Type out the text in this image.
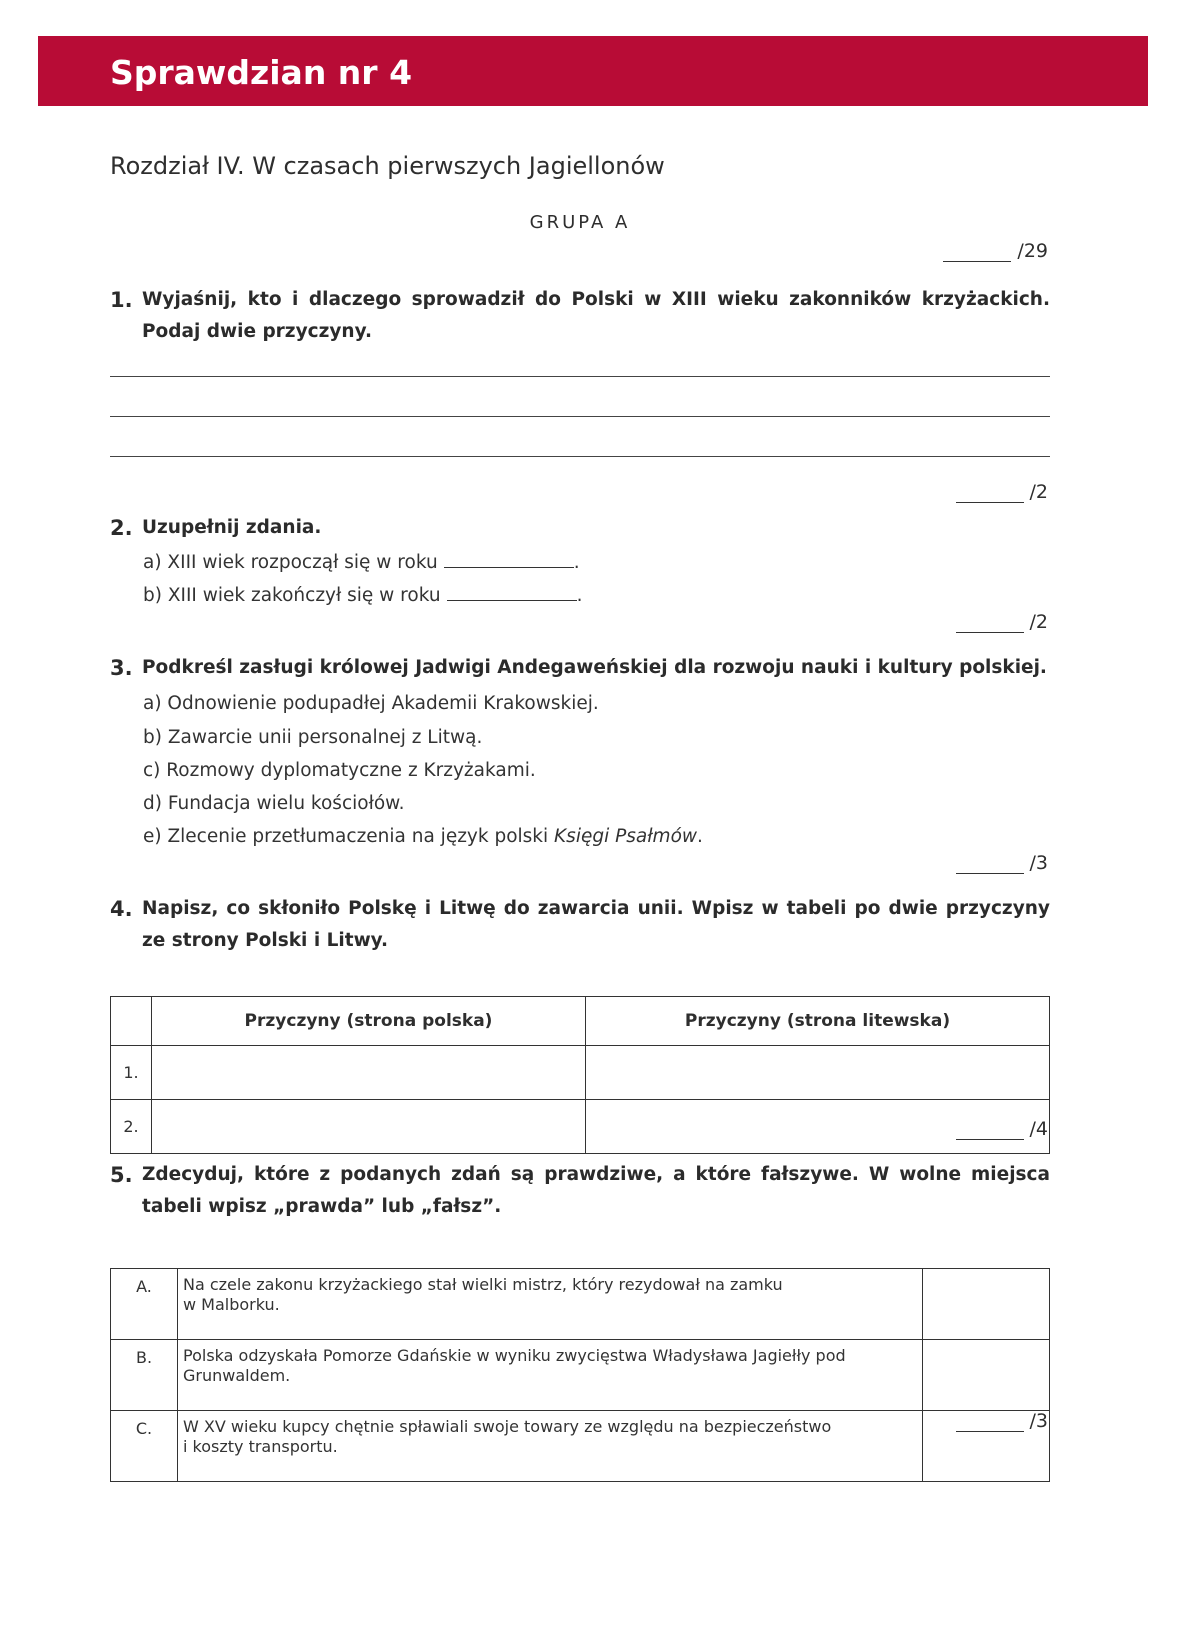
Sprawdzian nr 4
Rozdział IV. W czasach pierwszych Jagiellonów
GRUPA A
/29
1. Wyjaśnij, kto i dlaczego sprowadził do Polski w XIII wieku zakonników krzyżackich. Podaj dwie przyczyny.
/2
2. Uzupełnij zdania.
a) XIII wiek rozpoczął się w roku	.
b) XIII wiek zakończył się w roku	.
/2
3. Podkreśl zasługi królowej Jadwigi Andegaweńskiej dla rozwoju nauki i kultury polskiej.
a) Odnowienie podupadłej Akademii Krakowskiej.
b) Zawarcie unii personalnej z Litwą.
c) Rozmowy dyplomatyczne z Krzyżakami.
d) Fundacja wielu kościołów.
e) Zlecenie przetłumaczenia na język polski Księgi Psałmów.
/3
4. Napisz, co skłoniło Polskę i Litwę do zawarcia unii. Wpisz w tabeli po dwie przyczyny ze strony Polski i Litwy.
	Przyczyny (strona polska)	Przyczyny (strona litewska)
1.		
2.			/4
5. Zdecyduj, które z podanych zdań są prawdziwe, a które fałszywe. W wolne miejsca tabeli wpisz „prawda” lub „fałsz”.
A.	Na czele zakonu krzyżackiego stał wielki mistrz, który rezydował na zamku
w Malborku.	
B.	Polska odzyskała Pomorze Gdańskie w wyniku zwycięstwa Władysława Jagiełły pod
Grunwaldem.	
C.	W XV wieku kupcy chętnie spławiali swoje towary ze względu na bezpieczeństwo
i koszty transportu.	
/3
